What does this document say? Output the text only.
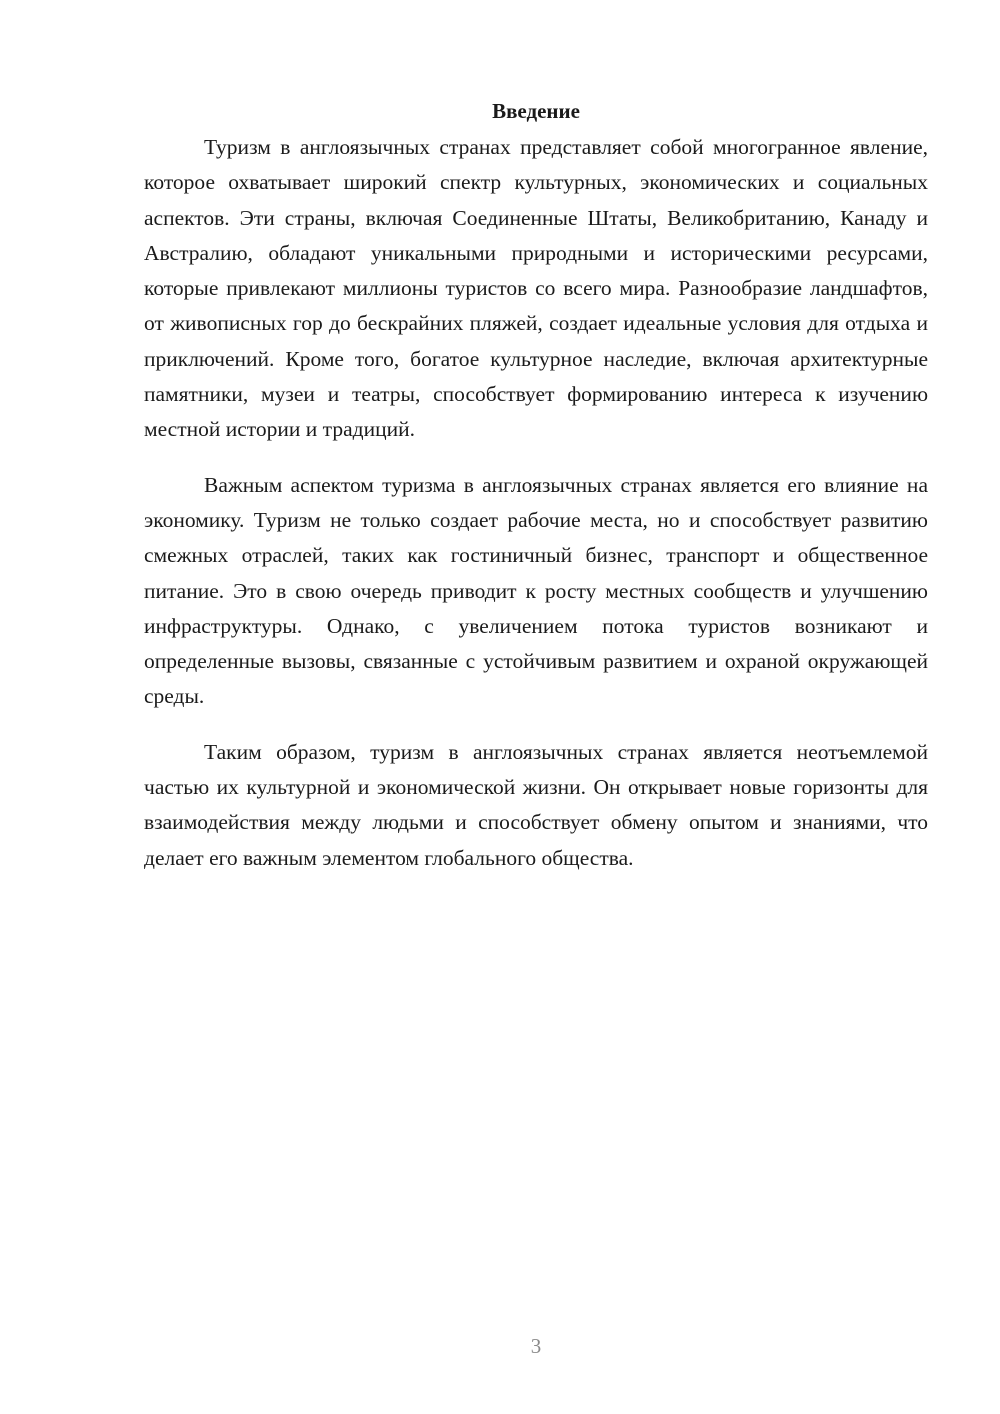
Введение

Туризм в англоязычных странах представляет собой многогранное явление, которое охватывает широкий спектр культурных, экономических и социальных аспектов. Эти страны, включая Соединенные Штаты, Великобританию, Канаду и Австралию, обладают уникальными природными и историческими ресурсами, которые привлекают миллионы туристов со всего мира. Разнообразие ландшафтов, от живописных гор до бескрайних пляжей, создает идеальные условия для отдыха и приключений. Кроме того, богатое культурное наследие, включая архитектурные памятники, музеи и театры, способствует формированию интереса к изучению местной истории и традиций.

Важным аспектом туризма в англоязычных странах является его влияние на экономику. Туризм не только создает рабочие места, но и способствует развитию смежных отраслей, таких как гостиничный бизнес, транспорт и общественное питание. Это в свою очередь приводит к росту местных сообществ и улучшению инфраструктуры. Однако, с увеличением потока туристов возникают и определенные вызовы, связанные с устойчивым развитием и охраной окружающей среды.

Таким образом, туризм в англоязычных странах является неотъемлемой частью их культурной и экономической жизни. Он открывает новые горизонты для взаимодействия между людьми и способствует обмену опытом и знаниями, что делает его важным элементом глобального общества.

3
